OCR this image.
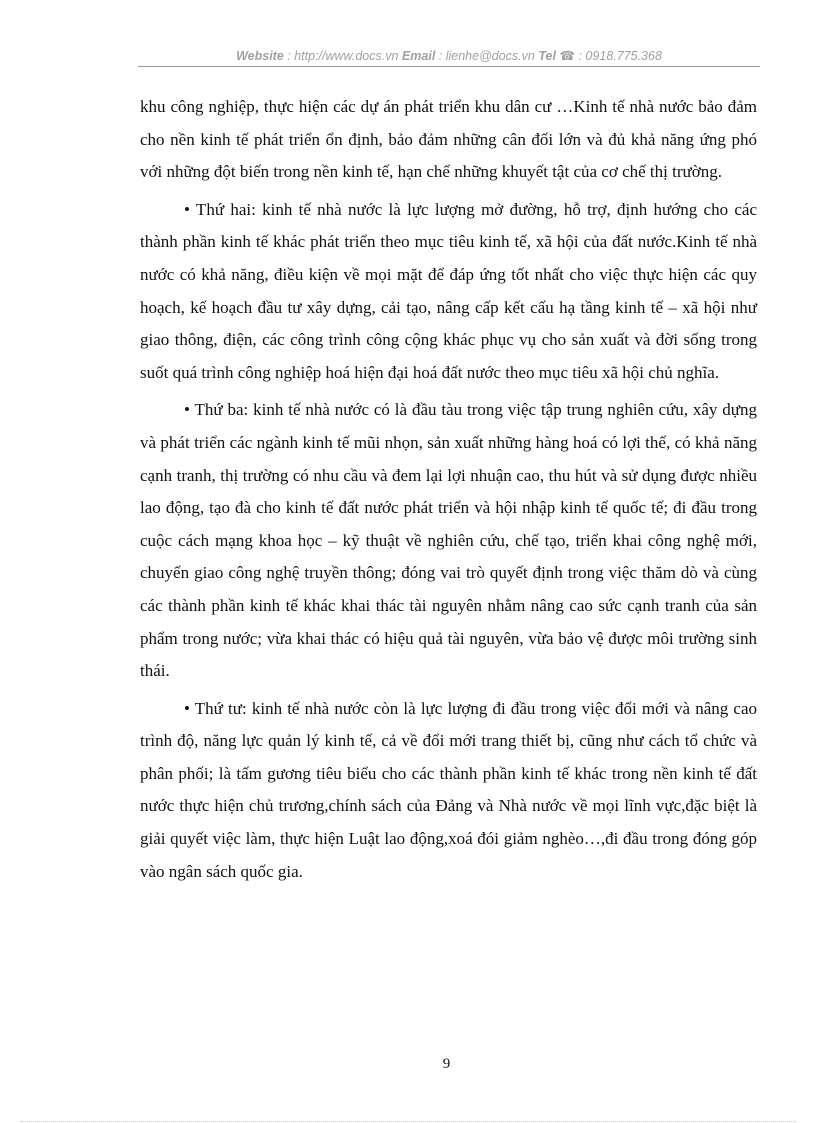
Website : http://www.docs.vn Email : lienhe@docs.vn Tel ☎ : 0918.775.368

khu công nghiệp, thực hiện các dự án phát triển khu dân cư …Kinh tế nhà nước bảo đảm cho nền kinh tế phát triển ổn định, bảo đảm những cân đối lớn và đủ khả năng ứng phó với những đột biến trong nền kinh tế, hạn chế những khuyết tật của cơ chế thị trường.

• Thứ hai: kinh tế nhà nước là lực lượng mở đường, hỗ trợ, định hướng cho các thành phần kinh tế khác phát triển theo mục tiêu kinh tế, xã hội của đất nước.Kinh tế nhà nước có khả năng, điều kiện về mọi mặt để đáp ứng tốt nhất cho việc thực hiện các quy hoạch, kế hoạch đầu tư xây dựng, cải tạo, nâng cấp kết cấu hạ tầng kinh tế – xã hội như giao thông, điện, các công trình công cộng khác phục vụ cho sản xuất và đời sống trong suốt quá trình công nghiệp hoá hiện đại hoá đất nước theo mục tiêu xã hội chủ nghĩa.

• Thứ ba: kinh tế nhà nước có là đầu tàu trong việc tập trung nghiên cứu, xây dựng và phát triển các ngành kinh tế mũi nhọn, sản xuất những hàng hoá có lợi thế, có khả năng cạnh tranh, thị trường có nhu cầu và đem lại lợi nhuận cao, thu hút và sử dụng được nhiều lao động, tạo đà cho kinh tế đất nước phát triển và hội nhập kinh tế quốc tế; đi đầu trong cuộc cách mạng khoa học – kỹ thuật về nghiên cứu, chế tạo, triển khai công nghệ mới, chuyển giao công nghệ truyền thông; đóng vai trò quyết định trong việc thăm dò và cùng các thành phần kinh tế khác khai thác tài nguyên nhằm nâng cao sức cạnh tranh của sản phẩm trong nước; vừa khai thác có hiệu quả tài nguyên, vừa bảo vệ được môi trường sinh thái.

• Thứ tư: kinh tế nhà nước còn là lực lượng đi đầu trong việc đổi mới và nâng cao trình độ, năng lực quản lý kinh tế, cả về đổi mới trang thiết bị, cũng như cách tổ chức và phân phối; là tấm gương tiêu biểu cho các thành phần kinh tế khác trong nền kinh tế đất nước thực hiện chủ trương,chính sách của Đảng và Nhà nước về mọi lĩnh vực,đặc biệt là giải quyết việc làm, thực hiện Luật lao động,xoá đói giảm nghèo…,đi đầu trong đóng góp vào ngân sách quốc gia.

9
